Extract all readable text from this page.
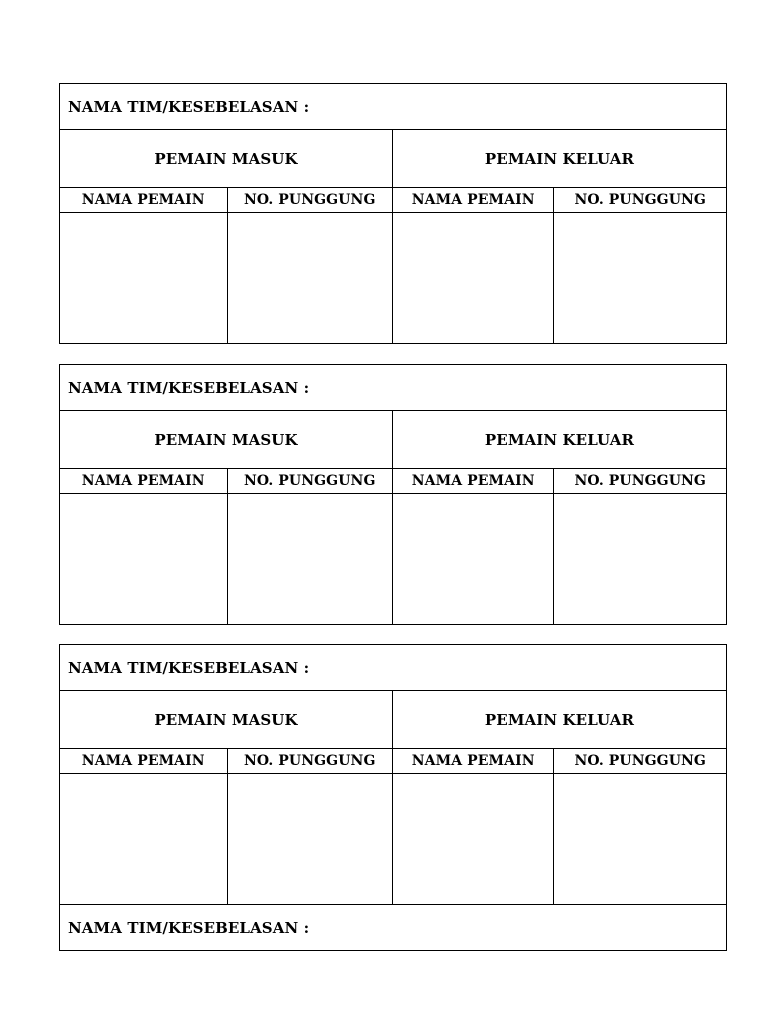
NAMA TIM/KESEBELASAN :			
PEMAIN MASUK		PEMAIN KELUAR	
NAMA PEMAIN	NO. PUNGGUNG	NAMA PEMAIN	NO. PUNGGUNG

NAMA TIM/KESEBELASAN :			
PEMAIN MASUK		PEMAIN KELUAR	
NAMA PEMAIN	NO. PUNGGUNG	NAMA PEMAIN	NO. PUNGGUNG

NAMA TIM/KESEBELASAN :			
PEMAIN MASUK		PEMAIN KELUAR	
NAMA PEMAIN	NO. PUNGGUNG	NAMA PEMAIN	NO. PUNGGUNG

NAMA TIM/KESEBELASAN :			
